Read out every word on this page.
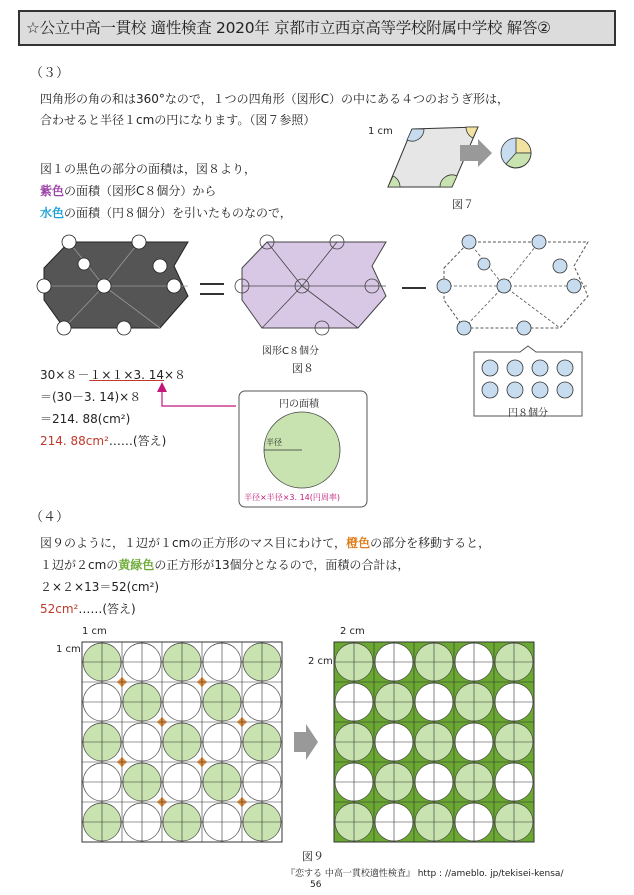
☆公立中高一貫校 適性検査 2020年 京都市立西京高等学校附属中学校 解答②
（３）
四角形の角の和は360°なので，１つの四角形（図形C）の中にある４つのおうぎ形は，
合わせると半径１cmの円になります。（図７参照）
図１の黒色の部分の面積は，図８より，
紫色の面積（図形C８個分）から
水色の面積（円８個分）を引いたものなので，
1 cm
図７
図形C８個分
図８
円８個分
30×８－１×１×3. 14×８
＝(30－3. 14)×８
＝214. 88(cm²)
214. 88cm²……(答え)
円の面積
半径
半径×半径×3. 14(円周率)
（４）
図９のように，１辺が１cmの正方形のマス目にわけて，橙色の部分を移動すると，
１辺が２cmの黄緑色の正方形が13個分となるので，面積の合計は，
２×２×13＝52(cm²)
52cm²……(答え)
1 cm
1 cm
2 cm
2 cm
図９
『恋する 中高一貫校適性検査』 http : //ameblo. jp/tekisei-kensa/
56
